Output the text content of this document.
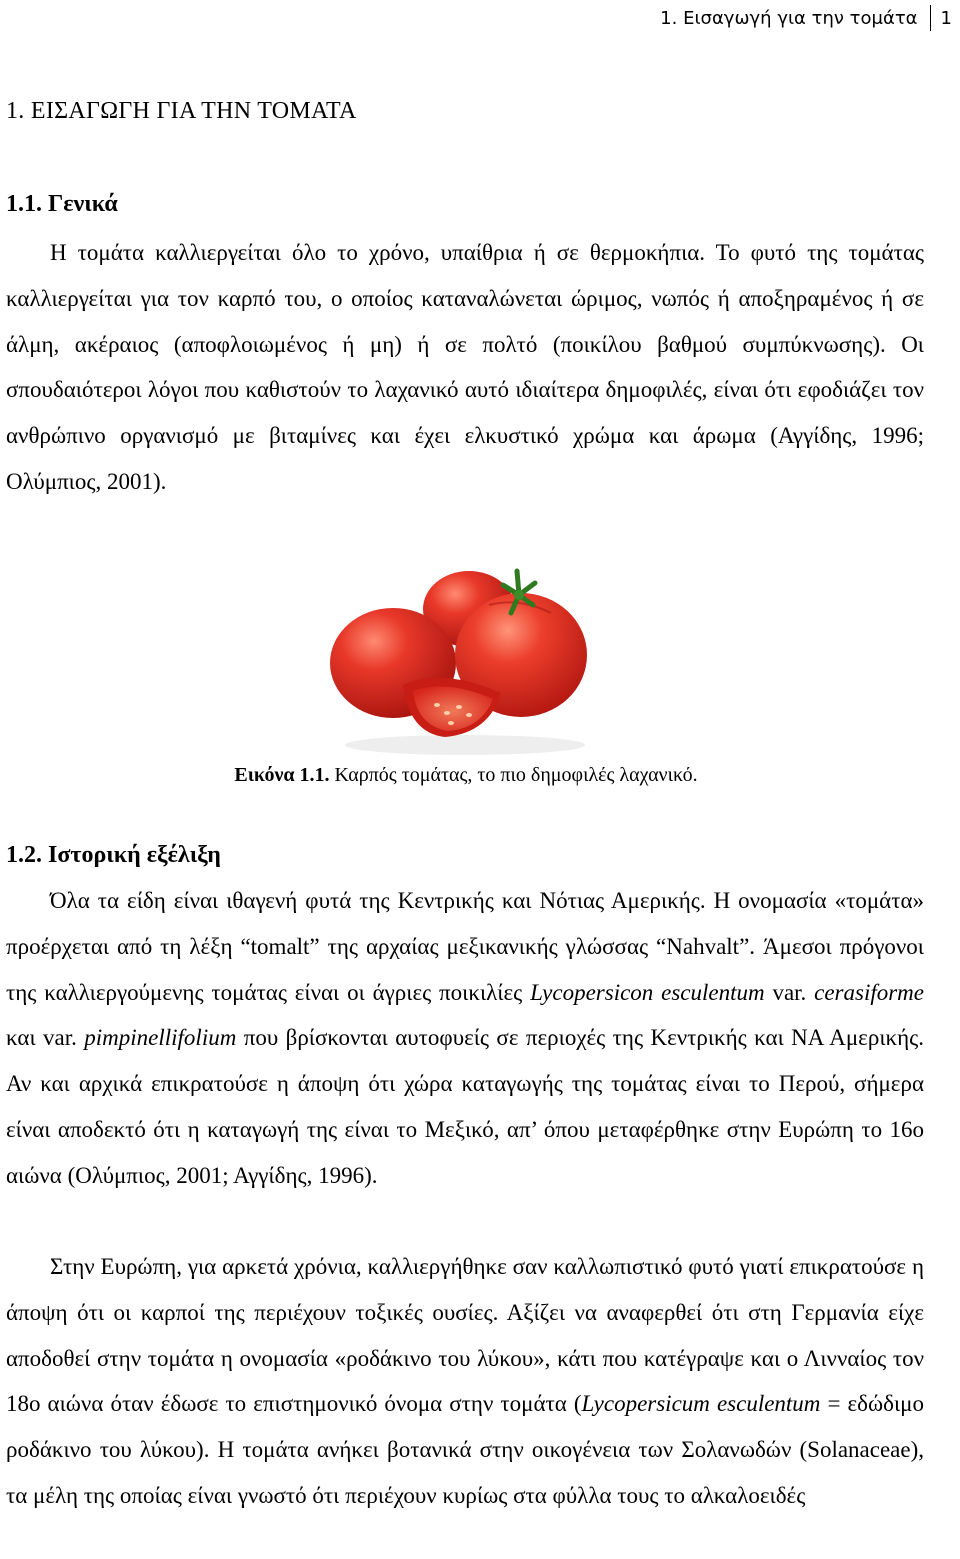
1. Εισαγωγή για την τομάτα 1
1. ΕΙΣΑΓΩΓΗ ΓΙΑ ΤΗΝ ΤΟΜΑΤΑ
1.1. Γενικά

Η τομάτα καλλιεργείται όλο το χρόνο, υπαίθρια ή σε θερμοκήπια. Το φυτό της τομάτας καλλιεργείται για τον καρπό του, ο οποίος καταναλώνεται ώριμος, νωπός ή αποξηραμένος ή σε άλμη, ακέραιος (αποφλοιωμένος ή μη) ή σε πολτό (ποικίλου βαθμού συμπύκνωσης). Οι σπουδαιότεροι λόγοι που καθιστούν το λαχανικό αυτό ιδιαίτερα δημοφιλές, είναι ότι εφοδιάζει τον ανθρώπινο οργανισμό με βιταμίνες και έχει ελκυστικό χρώμα και άρωμα (Αγγίδης, 1996; Ολύμπιος, 2001).

Εικόνα 1.1. Καρπός τομάτας, το πιο δημοφιλές λαχανικό.
1.2. Ιστορική εξέλιξη

Όλα τα είδη είναι ιθαγενή φυτά της Κεντρικής και Νότιας Αμερικής. Η ονομασία «τομάτα» προέρχεται από τη λέξη “tomalt” της αρχαίας μεξικανικής γλώσσας “Nahvalt”. Άμεσοι πρόγονοι της καλλιεργούμενης τομάτας είναι οι άγριες ποικιλίες Lycopersicon esculentum var. cerasiforme και var. pimpinellifolium που βρίσκονται αυτοφυείς σε περιοχές της Κεντρικής και ΝΑ Αμερικής. Αν και αρχικά επικρατούσε η άποψη ότι χώρα καταγωγής της τομάτας είναι το Περού, σήμερα είναι αποδεκτό ότι η καταγωγή της είναι το Μεξικό, απ’ όπου μεταφέρθηκε στην Ευρώπη το 16ο αιώνα (Ολύμπιος, 2001; Αγγίδης, 1996).

Στην Ευρώπη, για αρκετά χρόνια, καλλιεργήθηκε σαν καλλωπιστικό φυτό γιατί επικρατούσε η άποψη ότι οι καρποί της περιέχουν τοξικές ουσίες. Αξίζει να αναφερθεί ότι στη Γερμανία είχε αποδοθεί στην τομάτα η ονομασία «ροδάκινο του λύκου», κάτι που κατέγραψε και ο Λινναίος τον 18ο αιώνα όταν έδωσε το επιστημονικό όνομα στην τομάτα (Lycopersicum esculentum = εδώδιμο ροδάκινο του λύκου). Η τομάτα ανήκει βοτανικά στην οικογένεια των Σολανωδών (Solanaceae), τα μέλη της οποίας είναι γνωστό ότι περιέχουν κυρίως στα φύλλα τους το αλκαλοειδές
